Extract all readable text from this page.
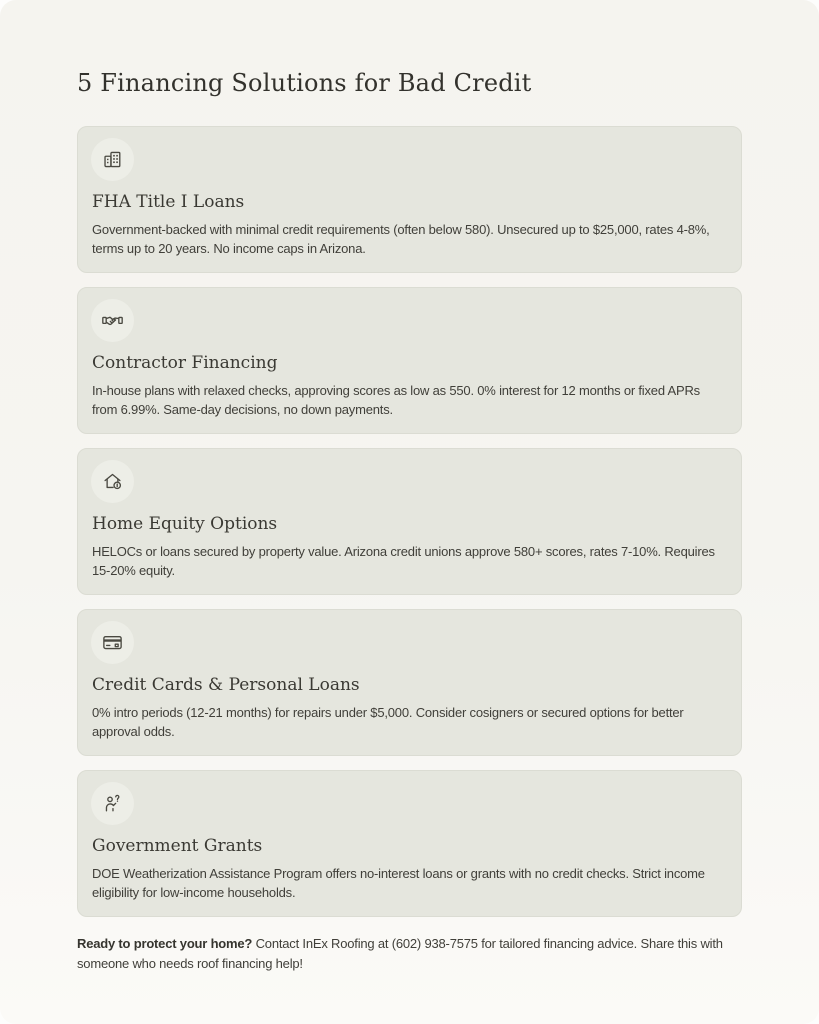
5 Financing Solutions for Bad Credit
FHA Title I Loans

Government-backed with minimal credit requirements (often below 580). Unsecured up to $25,000, rates 4-8%, terms up to 20 years. No income caps in Arizona.

Contractor Financing

In-house plans with relaxed checks, approving scores as low as 550. 0% interest for 12 months or fixed APRs from 6.99%. Same-day decisions, no down payments.

Home Equity Options

HELOCs or loans secured by property value. Arizona credit unions approve 580+ scores, rates 7-10%. Requires 15-20% equity.

Credit Cards & Personal Loans

0% intro periods (12-21 months) for repairs under $5,000. Consider cosigners or secured options for better approval odds.

Government Grants

DOE Weatherization Assistance Program offers no-interest loans or grants with no credit checks. Strict income eligibility for low-income households.

Ready to protect your home? Contact InEx Roofing at (602) 938-7575 for tailored financing advice. Share this with someone who needs roof financing help!
